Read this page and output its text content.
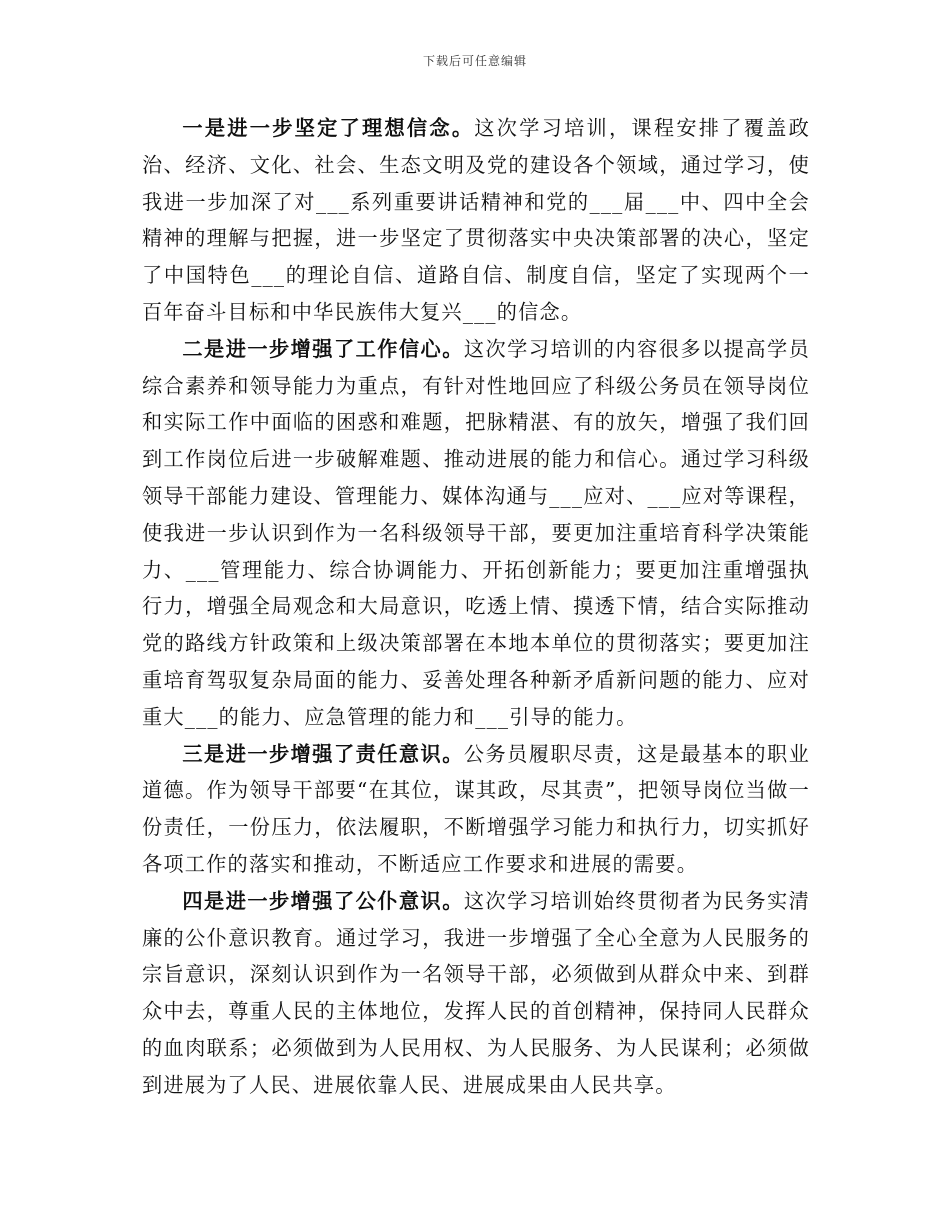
下载后可任意编辑

一是进一步坚定了理想信念。这次学习培训，课程安排了覆盖政治、经济、文化、社会、生态文明及党的建设各个领域，通过学习，使我进一步加深了对___系列重要讲话精神和党的___届___中、四中全会精神的理解与把握，进一步坚定了贯彻落实中央决策部署的决心，坚定了中国特色___的理论自信、道路自信、制度自信，坚定了实现两个一百年奋斗目标和中华民族伟大复兴___的信念。

二是进一步增强了工作信心。这次学习培训的内容很多以提高学员综合素养和领导能力为重点，有针对性地回应了科级公务员在领导岗位和实际工作中面临的困惑和难题，把脉精湛、有的放矢，增强了我们回到工作岗位后进一步破解难题、推动进展的能力和信心。通过学习科级领导干部能力建设、管理能力、媒体沟通与___应对、___应对等课程，使我进一步认识到作为一名科级领导干部，要更加注重培育科学决策能力、___管理能力、综合协调能力、开拓创新能力；要更加注重增强执行力，增强全局观念和大局意识，吃透上情、摸透下情，结合实际推动党的路线方针政策和上级决策部署在本地本单位的贯彻落实；要更加注重培育驾驭复杂局面的能力、妥善处理各种新矛盾新问题的能力、应对重大___的能力、应急管理的能力和___引导的能力。

三是进一步增强了责任意识。公务员履职尽责，这是最基本的职业道德。作为领导干部要“在其位，谋其政，尽其责”，把领导岗位当做一份责任，一份压力，依法履职，不断增强学习能力和执行力，切实抓好各项工作的落实和推动，不断适应工作要求和进展的需要。

四是进一步增强了公仆意识。这次学习培训始终贯彻者为民务实清廉的公仆意识教育。通过学习，我进一步增强了全心全意为人民服务的宗旨意识，深刻认识到作为一名领导干部，必须做到从群众中来、到群众中去，尊重人民的主体地位，发挥人民的首创精神，保持同人民群众的血肉联系；必须做到为人民用权、为人民服务、为人民谋利；必须做到进展为了人民、进展依靠人民、进展成果由人民共享。
